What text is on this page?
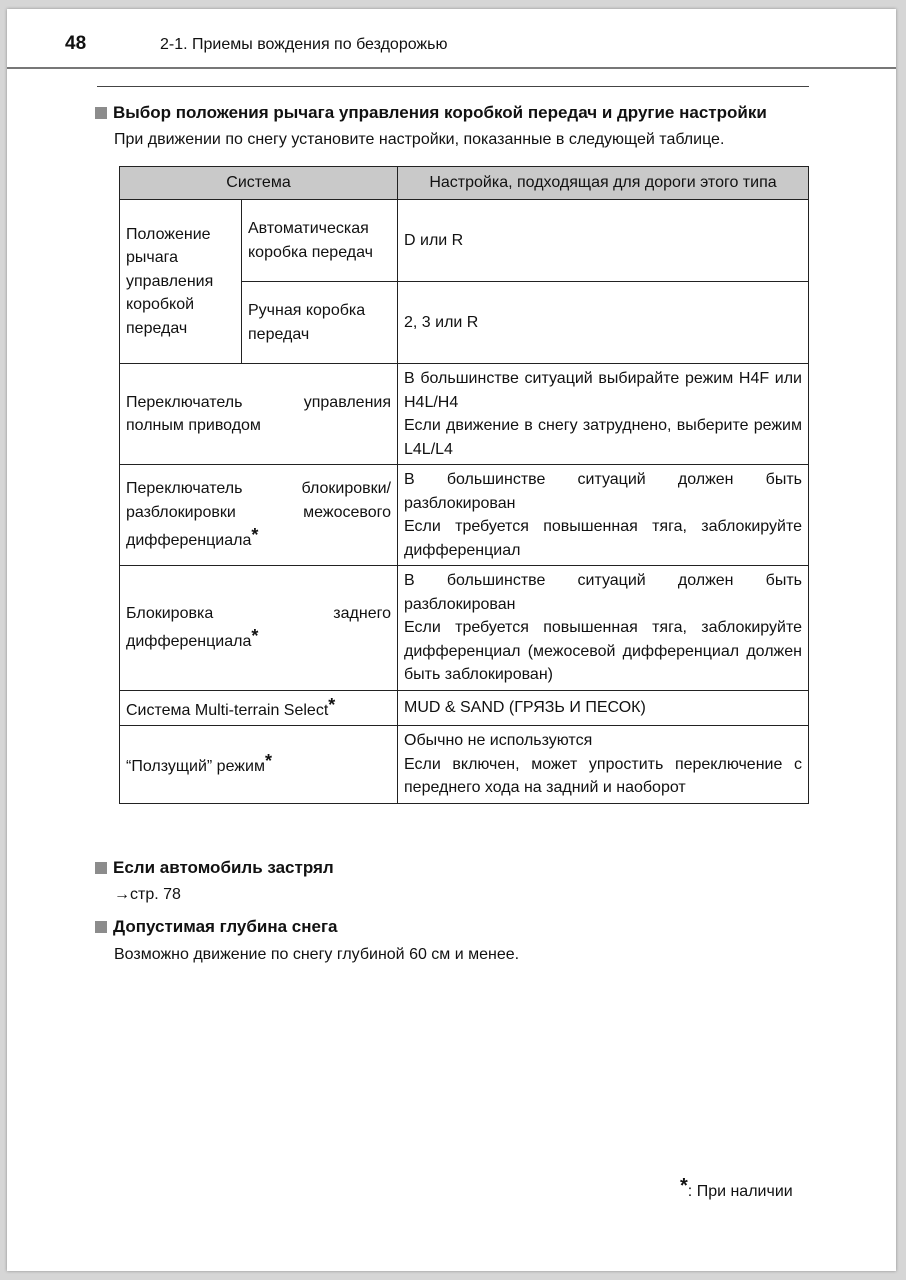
48	2-1. Приемы вождения по бездорожью
Выбор положения рычага управления коробкой передач и другие настройки
При движении по снегу установите настройки, показанные в следующей таблице.
Система		Настройка, подходящая для дороги этого типа
Положение рычага управления коробкой передач	Автоматическая коробка передач	D или R
	Ручная коробка передач	2, 3 или R
Переключатель управления полным приводом		В большинстве ситуаций выбирайте режим H4F или H4L/H4
Если движение в снегу затруднено, выберите режим L4L/L4

Переключатель блокировки/ разблокировки межосевого дифференциала*		В большинстве ситуаций должен быть разблокирован
Если требуется повышенная тяга, заблокируйте дифференциал

Блокировка заднего дифференциала*		В большинстве ситуаций должен быть разблокирован
Если требуется повышенная тяга, заблокируйте дифференциал (межосевой дифференциал должен быть заблокирован)

Система Multi-terrain Select*		MUD & SAND (ГРЯЗЬ И ПЕСОК)

“Ползущий” режим*		Обычно не используются
Если включен, может упростить переключение с переднего хода на задний и наоборот
Если автомобиль застрял
→стр. 78
Допустимая глубина снега
Возможно движение по снегу глубиной 60 см и менее.
*: При наличии
